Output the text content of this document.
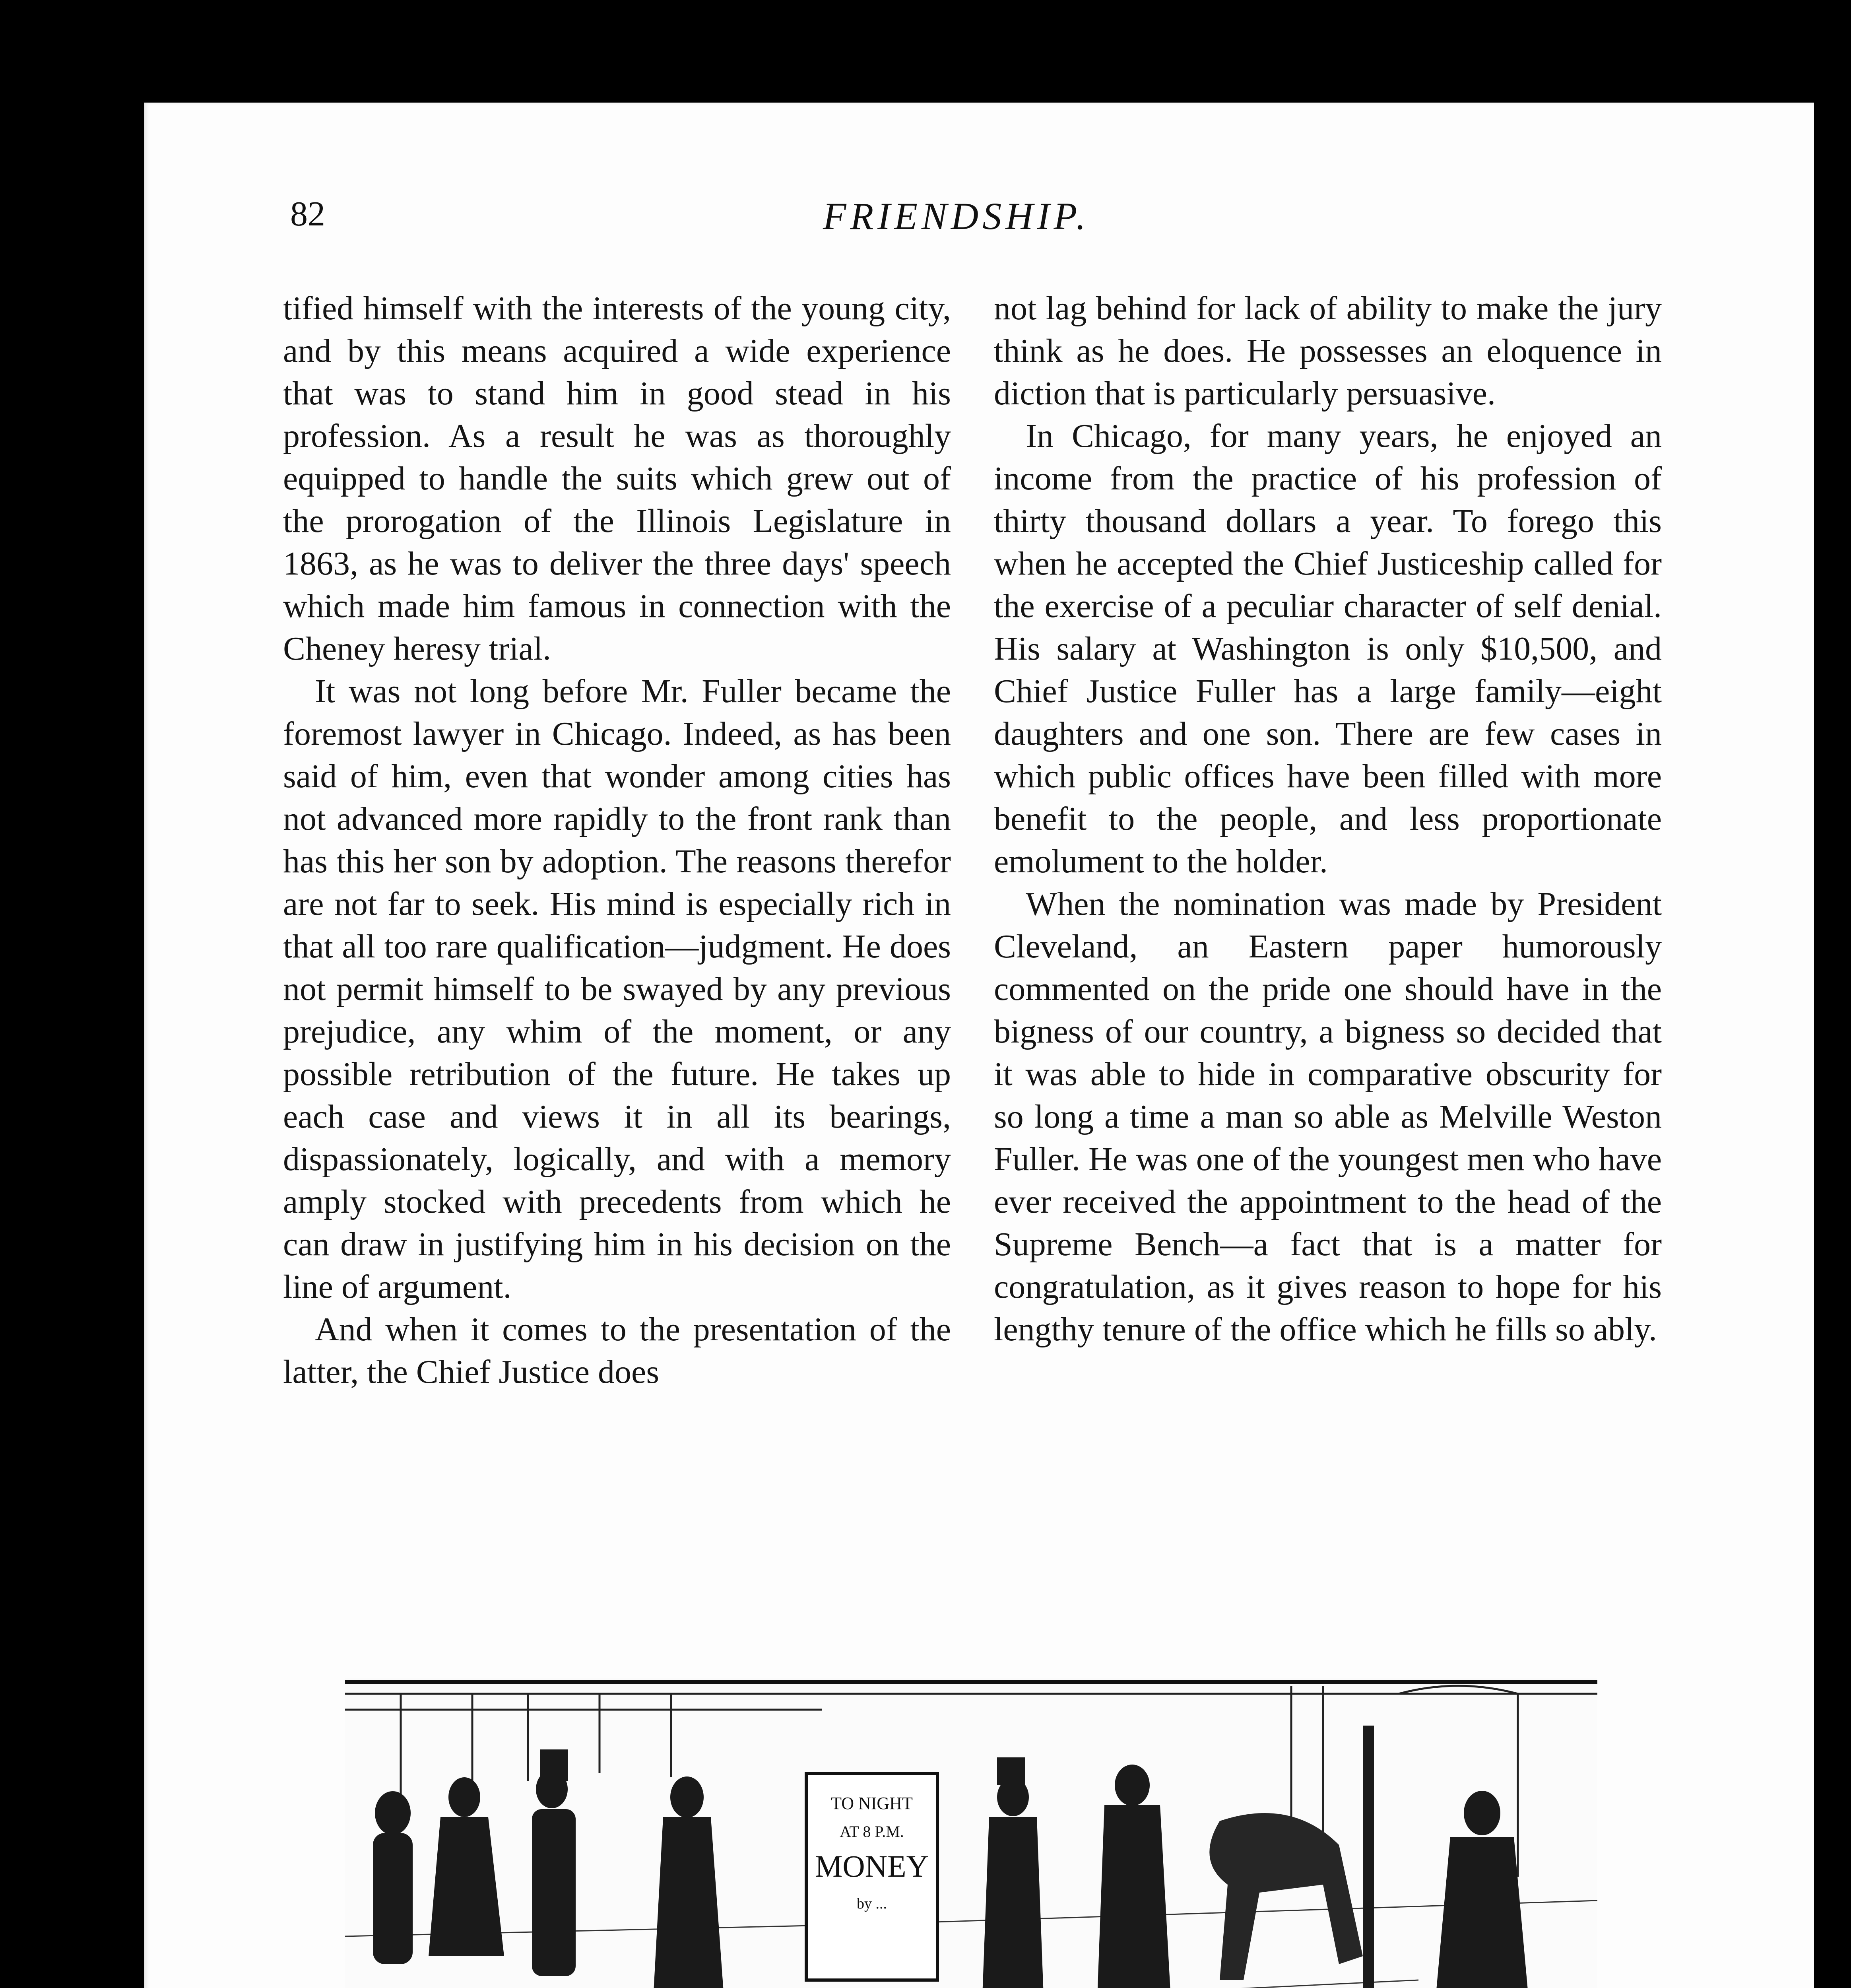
82	FRIENDSHIP.

tified himself with the interests of the young city, and by this means acquired a wide experience that was to stand him in good stead in his profession. As a result he was as thoroughly equipped to handle the suits which grew out of the prorogation of the Illinois Legislature in 1863, as he was to deliver the three days' speech which made him famous in connection with the Cheney heresy trial.

It was not long before Mr. Fuller became the foremost lawyer in Chicago. Indeed, as has been said of him, even that wonder among cities has not advanced more rapidly to the front rank than has this her son by adoption. The reasons therefor are not far to seek. His mind is especially rich in that all too rare qualification—judgment. He does not permit himself to be swayed by any previous prejudice, any whim of the moment, or any possible retribution of the future. He takes up each case and views it in all its bearings, dispassionately, logically, and with a memory amply stocked with precedents from which he can draw in justifying him in his decision on the line of argument.

And when it comes to the presentation of the latter, the Chief Justice does

not lag behind for lack of ability to make the jury think as he does. He possesses an eloquence in diction that is particularly persuasive.

In Chicago, for many years, he enjoyed an income from the practice of his profession of thirty thousand dollars a year. To forego this when he accepted the Chief Justiceship called for the exercise of a peculiar character of self denial. His salary at Washington is only $10,500, and Chief Justice Fuller has a large family—eight daughters and one son. There are few cases in which public offices have been filled with more benefit to the people, and less proportionate emolument to the holder.

When the nomination was made by President Cleveland, an Eastern paper humorously commented on the pride one should have in the bigness of our country, a bigness so decided that it was able to hide in comparative obscurity for so long a time a man so able as Melville Weston Fuller. He was one of the youngest men who have ever received the appointment to the head of the Supreme Bench—a fact that is a matter for congratulation, as it gives reason to hope for his lengthy tenure of the office which he fills so ably.

TO NIGHT
AT 8 P.M.
MONEY
by ...
